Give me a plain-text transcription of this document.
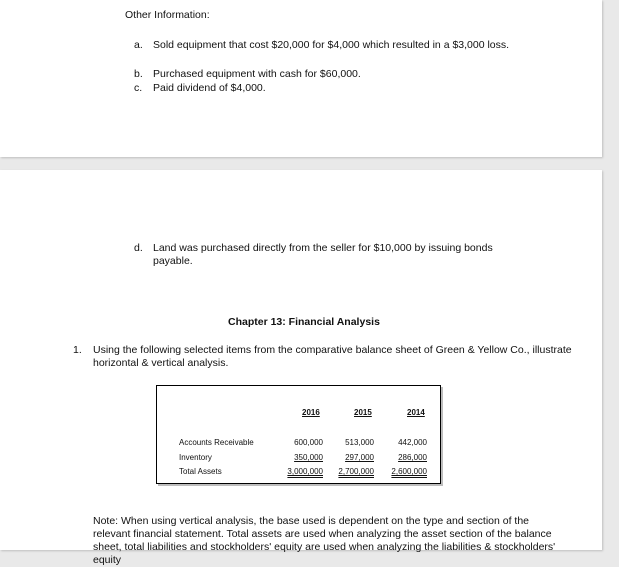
Other Information:
a. Sold equipment that cost $20,000 for $4,000 which resulted in a $3,000 loss.
b. Purchased equipment with cash for $60,000.
c. Paid dividend of $4,000.
d. Land was purchased directly from the seller for $10,000 by issuing bonds payable.
Chapter 13: Financial Analysis
1. Using the following selected items from the comparative balance sheet of Green & Yellow Co., illustrate horizontal & vertical analysis.
2016	2015	2014
Accounts Receivable	600,000	513,000	442,000
Inventory	350,000	297,000	286,000
Total Assets	3,000,000	2,700,000	2,600,000
Note: When using vertical analysis, the base used is dependent on the type and section of the relevant financial statement. Total assets are used when analyzing the asset section of the balance sheet, total liabilities and stockholders' equity are used when analyzing the liabilities & stockholders' equity
